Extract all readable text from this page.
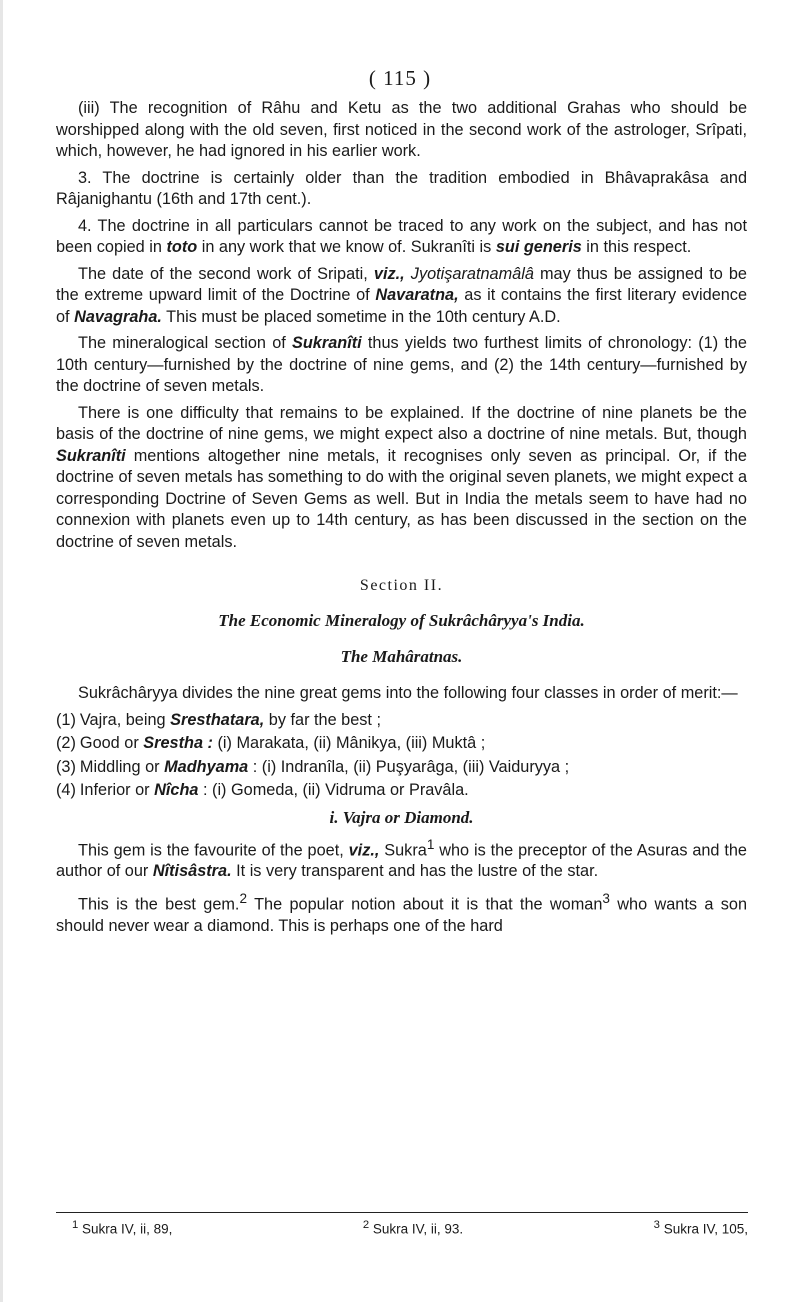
( 115 )

(iii) The recognition of Râhu and Ketu as the two additional Grahas who should be worshipped along with the old seven, first noticed in the second work of the astrologer, Srîpati, which, however, he had ignored in his earlier work.

3. The doctrine is certainly older than the tradition embodied in Bhâvaprakâsa and Râjanighantu (16th and 17th cent.).

4. The doctrine in all particulars cannot be traced to any work on the subject, and has not been copied in toto in any work that we know of. Sukranîti is sui generis in this respect.

The date of the second work of Sripati, viz., Jyotişaratnamâlâ may thus be assigned to be the extreme upward limit of the Doctrine of Navaratna, as it contains the first literary evidence of Navagraha. This must be placed sometime in the 10th century A.D.

The mineralogical section of Sukranîti thus yields two furthest limits of chronology: (1) the 10th century—furnished by the doctrine of nine gems, and (2) the 14th century—furnished by the doctrine of seven metals.

There is one difficulty that remains to be explained. If the doctrine of nine planets be the basis of the doctrine of nine gems, we might expect also a doctrine of nine metals. But, though Sukranîti mentions altogether nine metals, it recognises only seven as principal. Or, if the doctrine of seven metals has something to do with the original seven planets, we might expect a corresponding Doctrine of Seven Gems as well. But in India the metals seem to have had no connexion with planets even up to 14th century, as has been discussed in the section on the doctrine of seven metals.

Section II.
The Economic Mineralogy of Sukrâchâryya's India.
The Mahâratnas.

Sukrâchâryya divides the nine great gems into the following four classes in order of merit:—

(1) Vajra, being Sresthatara, by far the best ;

(2) Good or Srestha : (i) Marakata, (ii) Mânikya, (iii) Muktâ ;

(3) Middling or Madhyama : (i) Indranîla, (ii) Puşyarâga, (iii) Vaiduryya ;

(4) Inferior or Nîcha : (i) Gomeda, (ii) Vidruma or Pravâla.

i. Vajra or Diamond.

This gem is the favourite of the poet, viz., Sukra$^1$ who is the preceptor of the Asuras and the author of our Nîtisâstra. It is very transparent and has the lustre of the star.

This is the best gem.$^2$ The popular notion about it is that the woman$^3$ who wants a son should never wear a diamond. This is perhaps one of the hard

$^1$ Sukra IV, ii, 89,	$^2$ Sukra IV, ii, 93.	$^3$ Sukra IV, 105,
